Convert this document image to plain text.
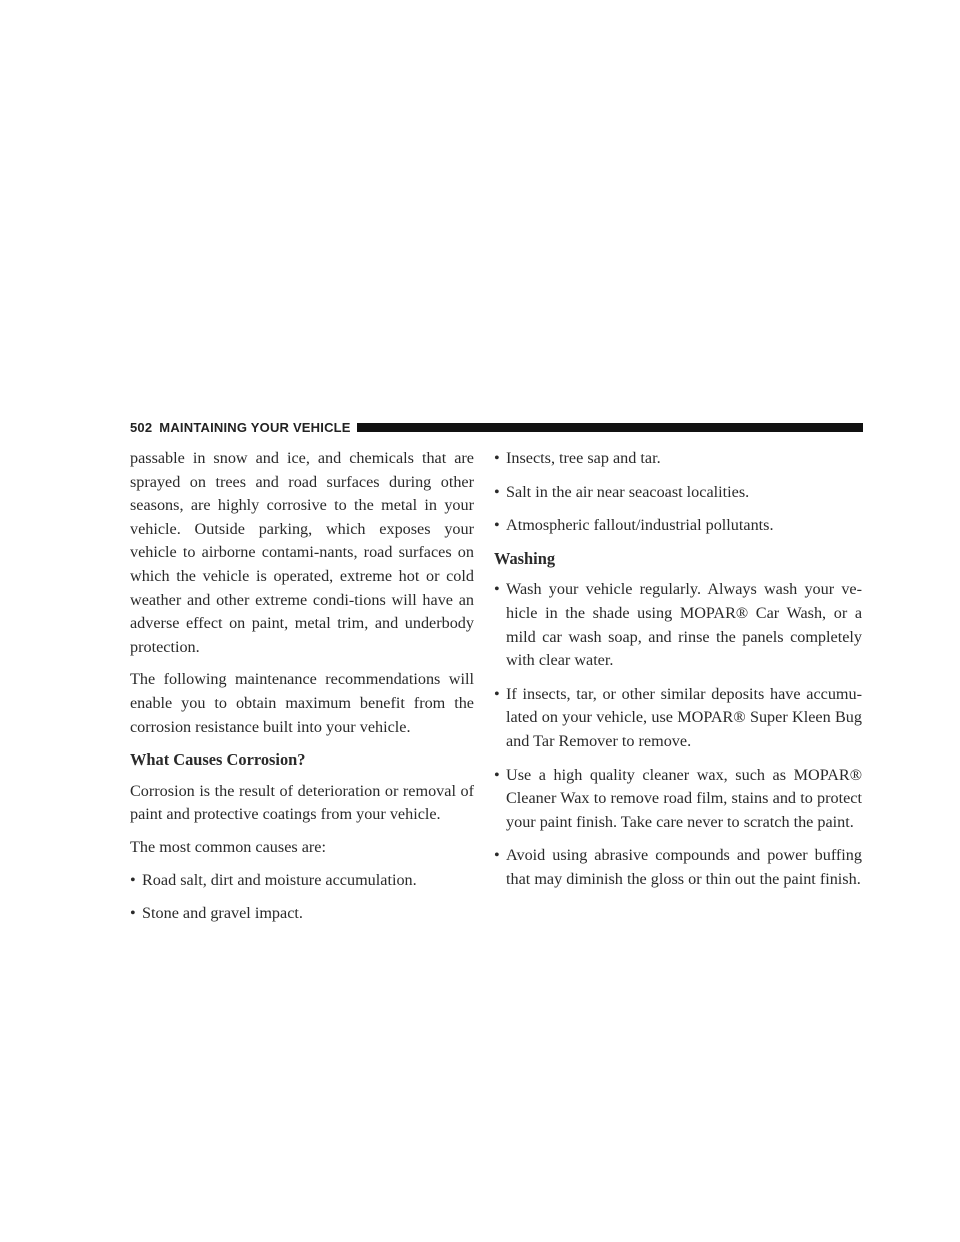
502 MAINTAINING YOUR VEHICLE

passable in snow and ice, and chemicals that are sprayed on trees and road surfaces during other seasons, are highly corrosive to the metal in your vehicle. Outside parking, which exposes your vehicle to airborne contami-nants, road surfaces on which the vehicle is operated, extreme hot or cold weather and other extreme condi-tions will have an adverse effect on paint, metal trim, and underbody protection.

The following maintenance recommendations will enable you to obtain maximum benefit from the corrosion resistance built into your vehicle.

What Causes Corrosion?

Corrosion is the result of deterioration or removal of paint and protective coatings from your vehicle.

The most common causes are:

• Road salt, dirt and moisture accumulation.
• Stone and gravel impact.
• Insects, tree sap and tar.
• Salt in the air near seacoast localities.
• Atmospheric fallout/industrial pollutants.
Washing
• Wash your vehicle regularly. Always wash your ve-hicle in the shade using MOPAR® Car Wash, or a mild car wash soap, and rinse the panels completely with clear water.
• If insects, tar, or other similar deposits have accumu-lated on your vehicle, use MOPAR® Super Kleen Bug and Tar Remover to remove.
• Use a high quality cleaner wax, such as MOPAR® Cleaner Wax to remove road film, stains and to protect your paint finish. Take care never to scratch the paint.
• Avoid using abrasive compounds and power buffing that may diminish the gloss or thin out the paint finish.
